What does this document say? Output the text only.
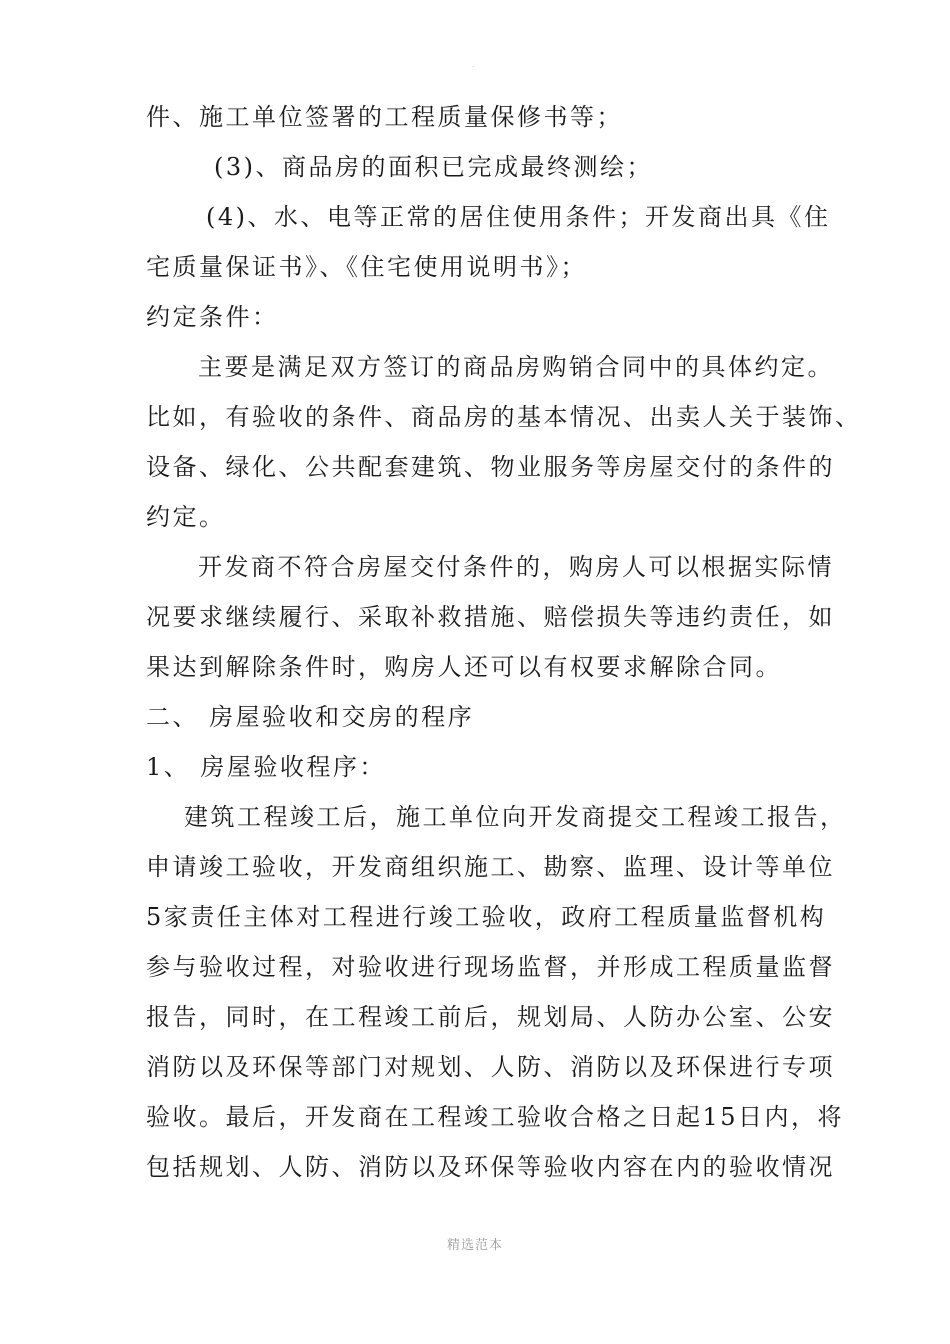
.
件、施工单位签署的工程质量保修书等；
(3)、商品房的面积已完成最终测绘；
(4)、水、电等正常的居住使用条件；开发商出具《住
宅质量保证书》、《住宅使用说明书》；
约定条件：
主要是满足双方签订的商品房购销合同中的具体约定。
比如，有验收的条件、商品房的基本情况、出卖人关于装饰、
设备、绿化、公共配套建筑、物业服务等房屋交付的条件的
约定。
开发商不符合房屋交付条件的，购房人可以根据实际情
况要求继续履行、采取补救措施、赔偿损失等违约责任，如
果达到解除条件时，购房人还可以有权要求解除合同。
二、 房屋验收和交房的程序
1、 房屋验收程序：
建筑工程竣工后，施工单位向开发商提交工程竣工报告，
申请竣工验收，开发商组织施工、勘察、监理、设计等单位
5家责任主体对工程进行竣工验收，政府工程质量监督机构
参与验收过程，对验收进行现场监督，并形成工程质量监督
报告，同时，在工程竣工前后，规划局、人防办公室、公安
消防以及环保等部门对规划、人防、消防以及环保进行专项
验收。最后，开发商在工程竣工验收合格之日起15日内，将
包括规划、人防、消防以及环保等验收内容在内的验收情况
精选范本
